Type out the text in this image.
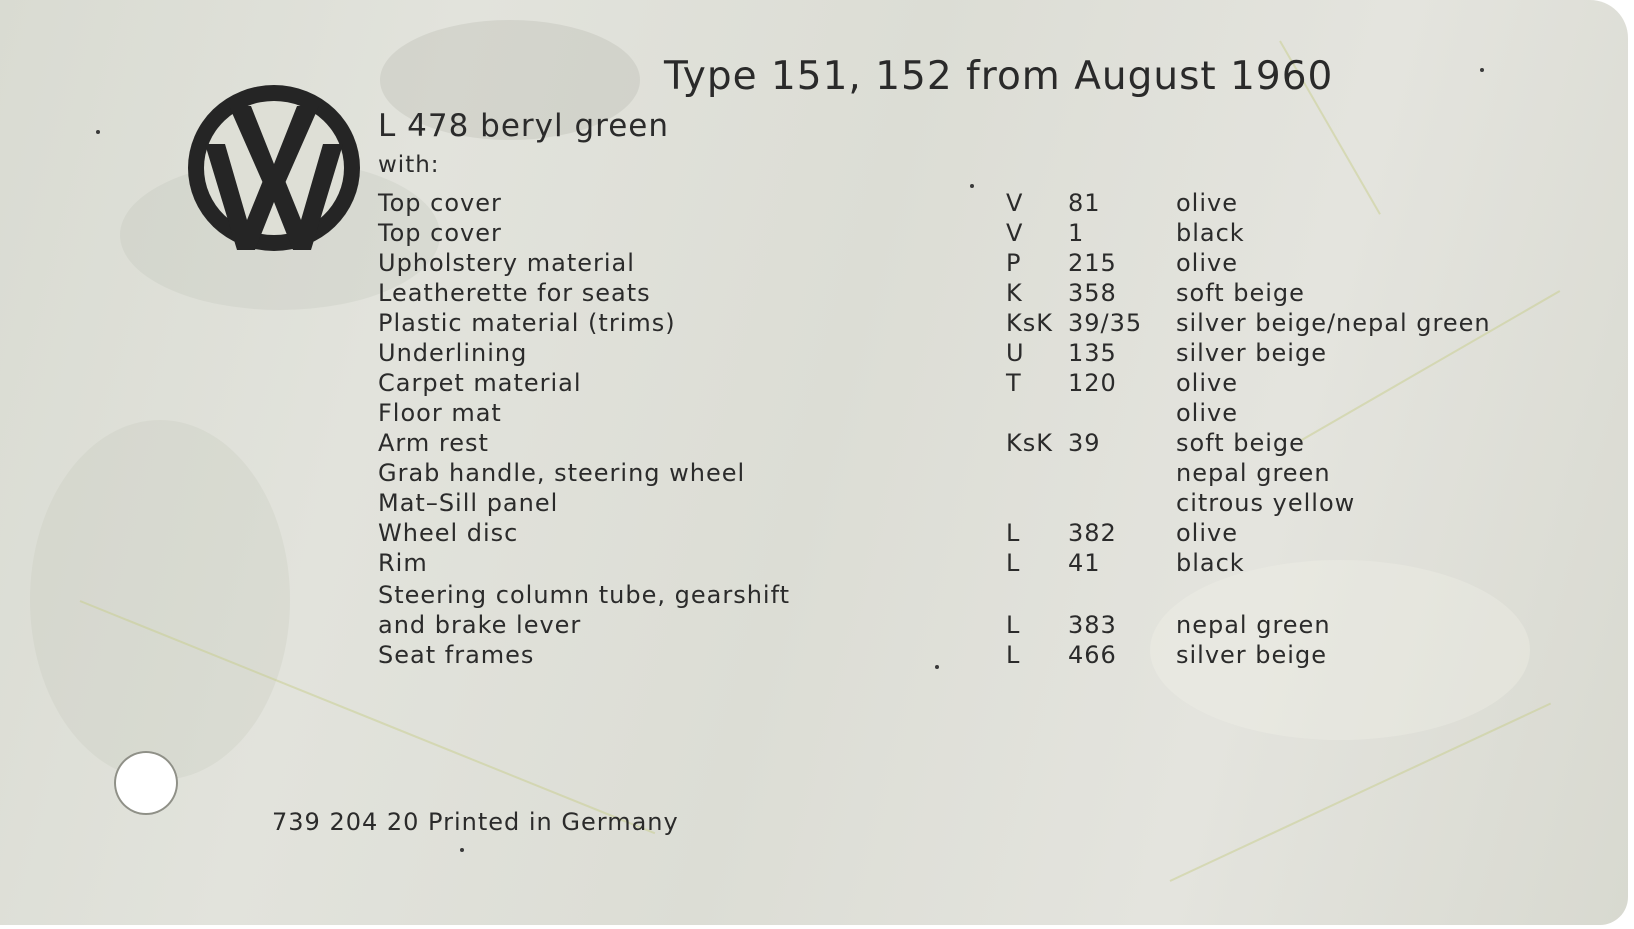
Type 151, 152 from August 1960
L 478 beryl green
with:
Top cover	V 81	olive
Top cover	V 1	black
Upholstery material	P 215 olive
Leatherette for seats	K 358 soft beige
Plastic material (trims)	KsK 39/35 silver beige/nepal green
Underlining	U 135 silver beige
Carpet material	T 120 olive
Floor mat	olive
Arm rest	KsK 39	soft beige
Grab handle, steering wheel	nepal green
Mat–Sill panel	citrous yellow
Wheel disc	L 382 olive
Rim	L 41	black
Steering column tube, gearshift
and brake lever	L 383 nepal green
Seat frames	L 466 silver beige
739 204 20 Printed in Germany
